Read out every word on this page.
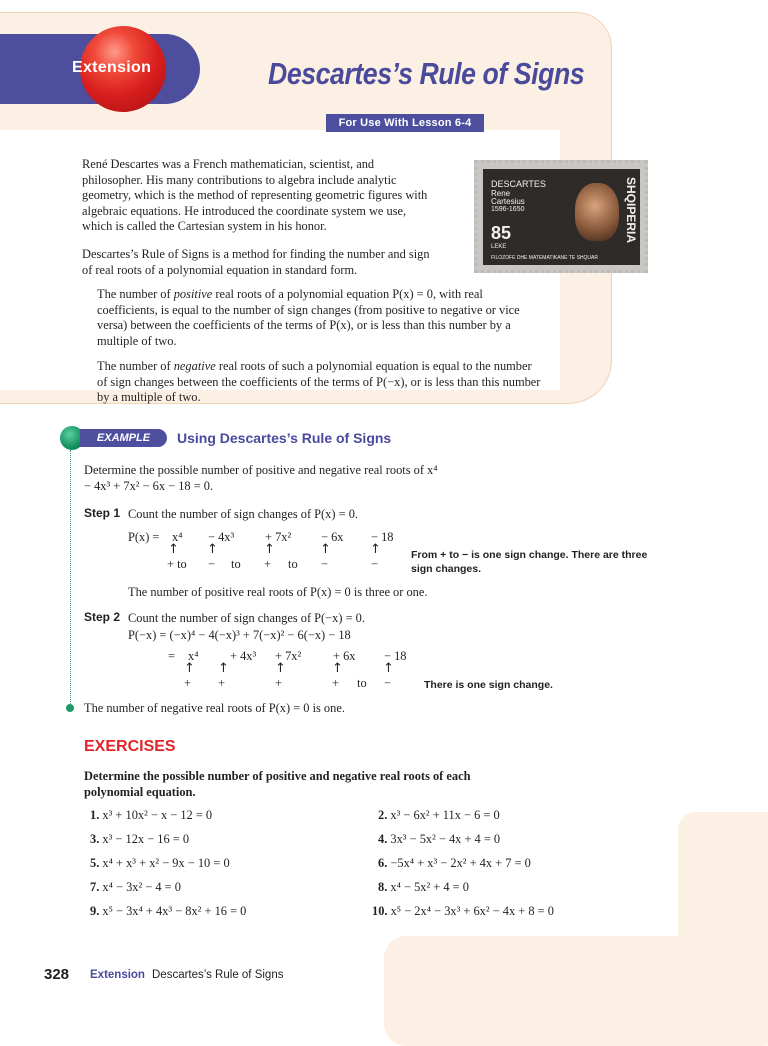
Extension	Descartes’s Rule of Signs
For Use With Lesson 6-4
René Descartes was a French mathematician, scientist, and philosopher. His many contributions to algebra include analytic geometry, which is the method of representing geometric figures with algebraic equations. He introduced the coordinate system we use, which is called the Cartesian system in his honor.
Descartes’s Rule of Signs is a method for finding the number and sign of real roots of a polynomial equation in standard form.
DESCARTES
Rene
Cartesius
1596-1650
85
LEKE
FILOZOFE DHE MATEMATIKANE TE SHQUAR
SHQIPERIA
The number of positive real roots of a polynomial equation P(x) = 0, with real coefficients, is equal to the number of sign changes (from positive to negative or vice versa) between the coefficients of the terms of P(x), or is less than this number by a multiple of two.
The number of negative real roots of such a polynomial equation is equal to the number of sign changes between the coefficients of the terms of P(−x), or is less than this number by a multiple of two.
EXAMPLE	Using Descartes’s Rule of Signs
Determine the possible number of positive and negative real roots of x⁴ − 4x³ + 7x² − 6x − 18 = 0.
Step 1 Count the number of sign changes of P(x) = 0.
P(x) = x⁴ − 4x³ + 7x² − 6x − 18
↑ ↑	↑	↑	↑
+ to − to + to −	−
From + to − is one sign change. There are three sign changes.
The number of positive real roots of P(x) = 0 is three or one.
Step 2 Count the number of sign changes of P(−x) = 0.
P(−x) = (−x)⁴ − 4(−x)³ + 7(−x)² − 6(−x) − 18
= x⁴	+ 4x³ + 7x²	+ 6x − 18
↑ ↑	↑	↑	↑
+ +	+	+ to −	There is one sign change.
The number of negative real roots of P(x) = 0 is one.
EXERCISES
Determine the possible number of positive and negative real roots of each polynomial equation.
1. x³ + 10x² − x − 12 = 0	2. x³ − 6x² + 11x − 6 = 0
3. x³ − 12x − 16 = 0	4. 3x³ − 5x² − 4x + 4 = 0
5. x⁴ + x³ + x² − 9x − 10 = 0	6. −5x⁴ + x³ − 2x² + 4x + 7 = 0
7. x⁴ − 3x² − 4 = 0	8. x⁴ − 5x² + 4 = 0
9. x⁵ − 3x⁴ + 4x³ − 8x² + 16 = 0	10. x⁵ − 2x⁴ − 3x³ + 6x² − 4x + 8 = 0
328 Extension Descartes’s Rule of Signs
